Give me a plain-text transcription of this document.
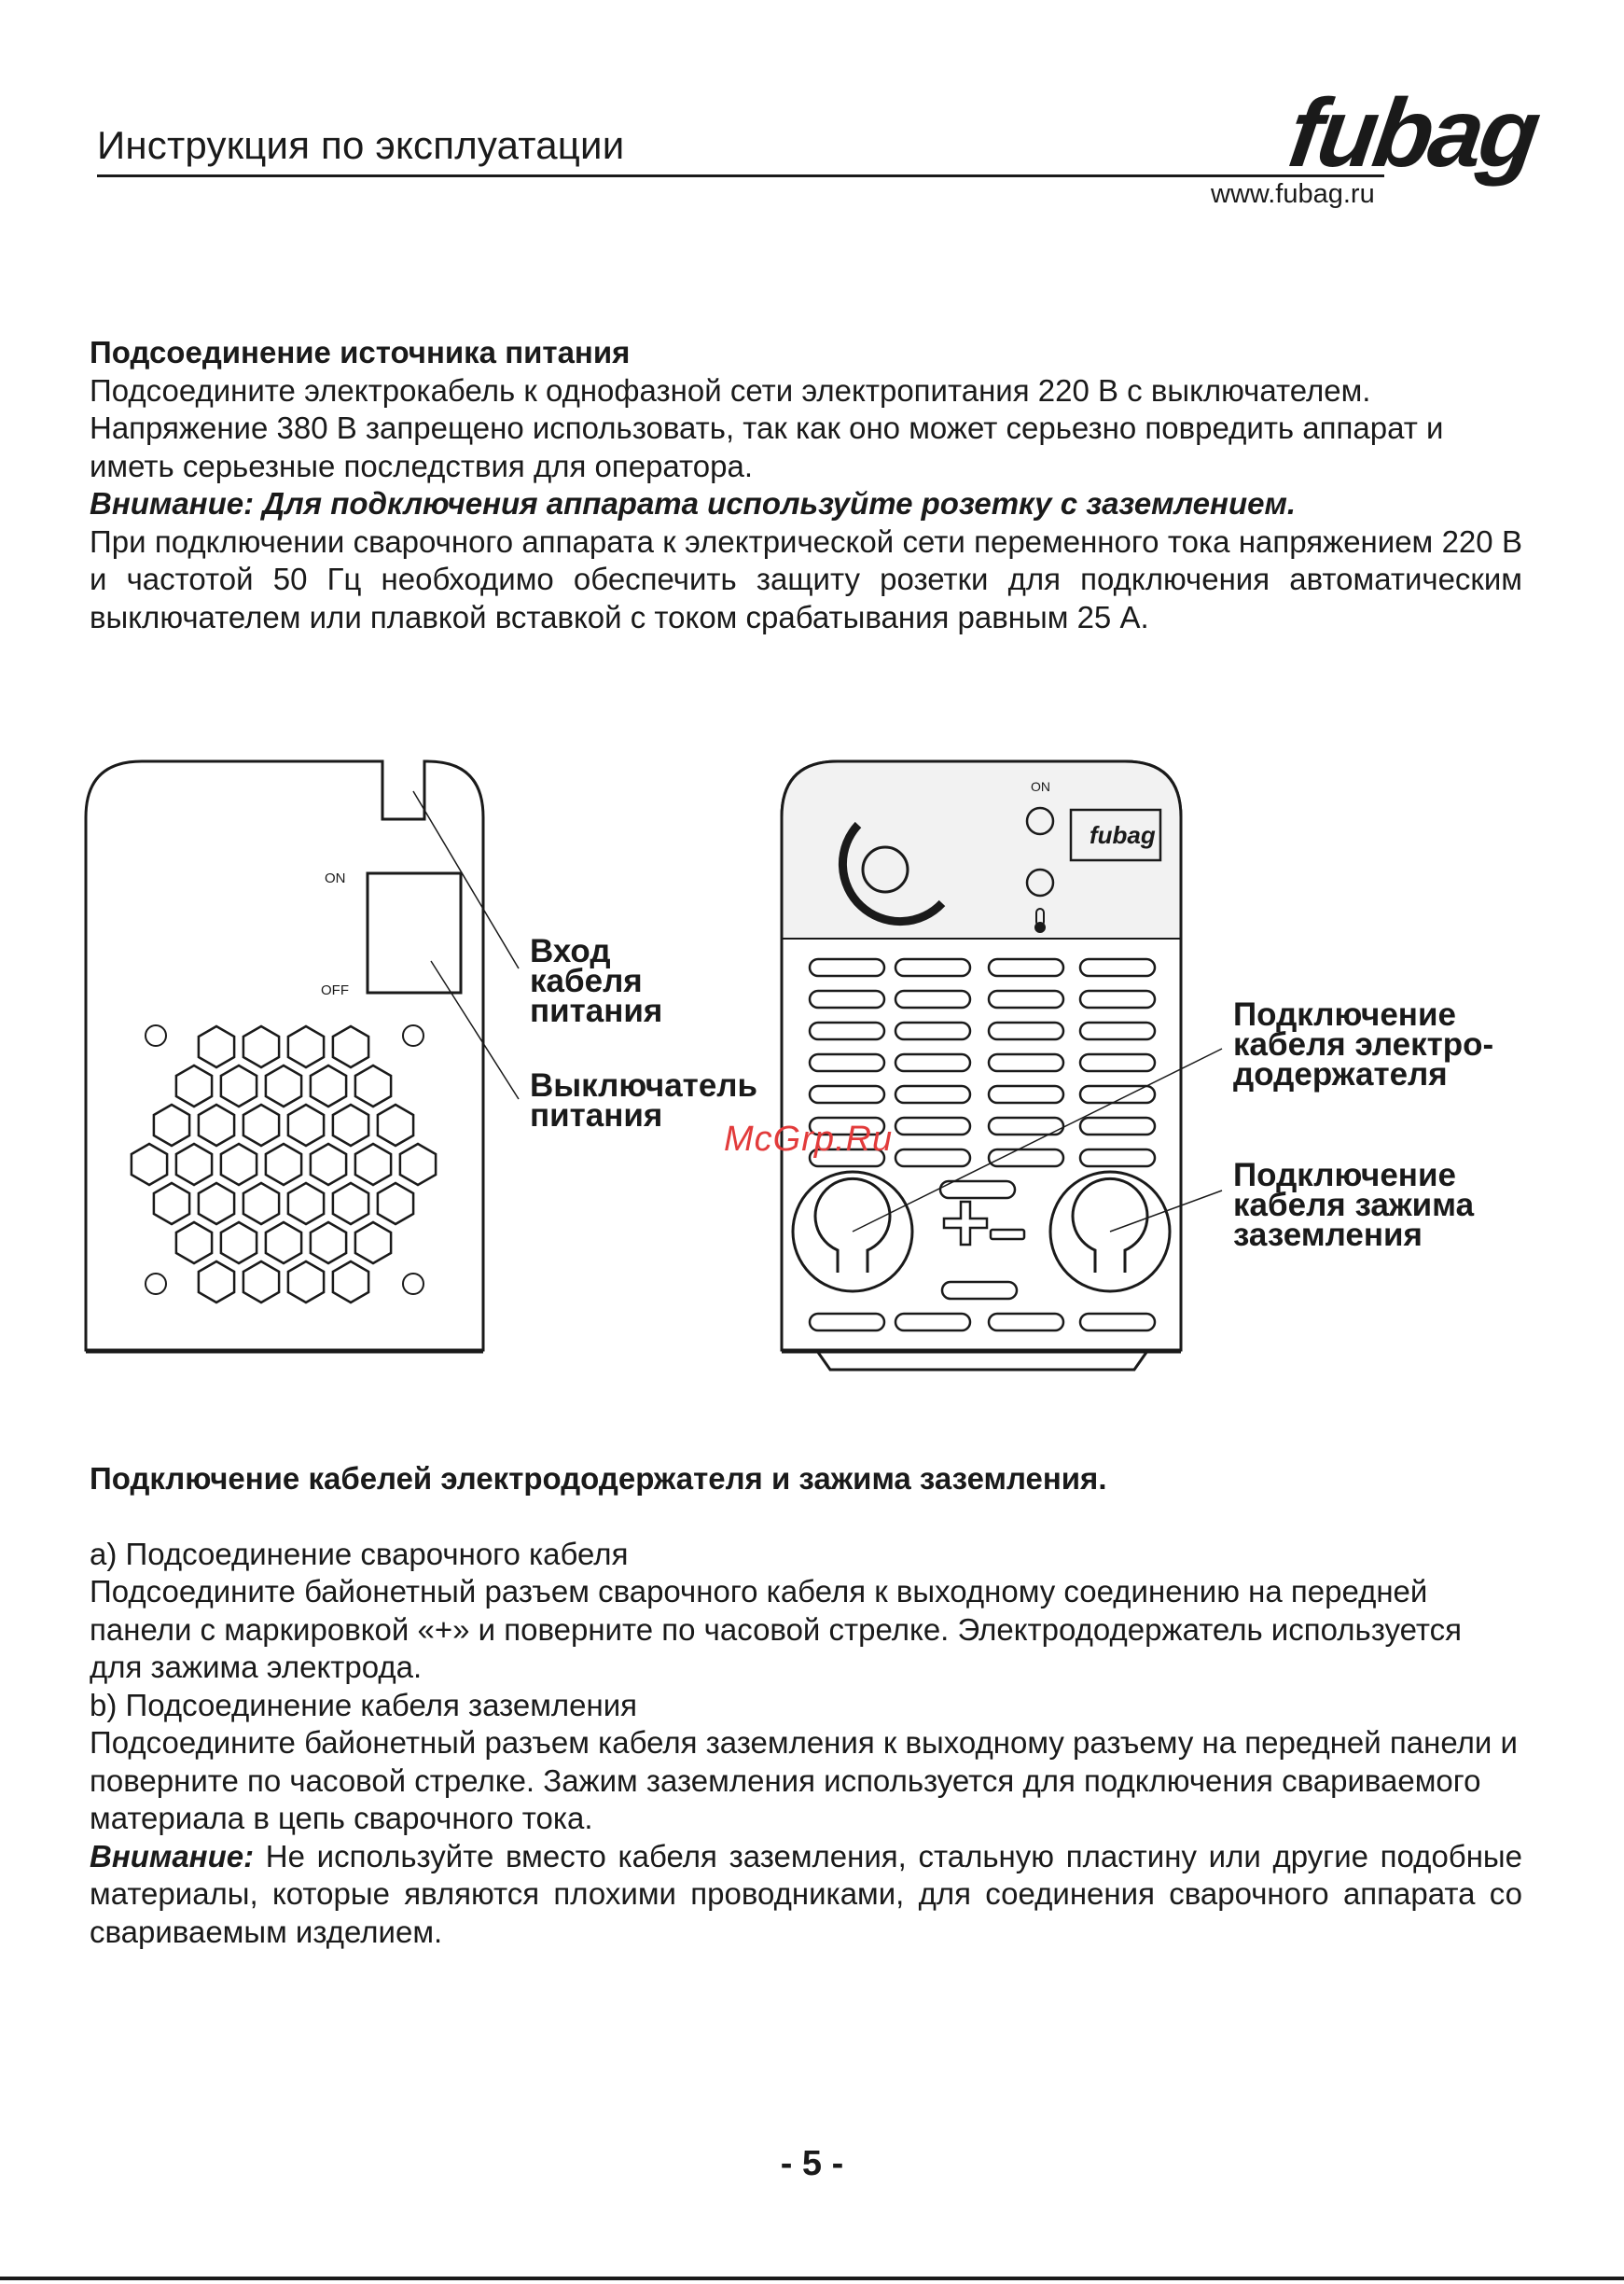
Инструкция по эксплуатации	fubag
www.fubag.ru

Подсоединение источника питания

Подсоедините электрокабель к однофазной сети электропитания 220 В с выключателем. Напряжение 380 В запрещено использовать, так как оно может серьезно повредить аппарат и иметь серьезные последствия для оператора.

Внимание: Для подключения аппарата используйте розетку с заземлением.

При подключении сварочного аппарата к электрической сети переменного тока напряжением 220 В и частотой 50 Гц необходимо обеспечить защиту розетки для подключения автоматическим выключателем или плавкой вставкой с током срабатывания равным 25 А.

ON
OFF
ON
fubag
+	−
Вход
кабеля
питания
Выключатель
питания
Подключение
кабеля электро-
додержателя
Подключение
кабеля зажима
заземления
McGrp.Ru

Подключение кабелей электрододержателя и зажима заземления.

a) Подсоединение сварочного кабеля

Подсоедините байонетный разъем сварочного кабеля к выходному соединению на передней панели с маркировкой «+» и поверните по часовой стрелке. Электрододержатель используется для зажима электрода.

b) Подсоединение кабеля заземления

Подсоедините байонетный разъем кабеля заземления к выходному разъему на передней панели и поверните по часовой стрелке. Зажим заземления используется для подключения свариваемого материала в цепь сварочного тока.

Внимание: Не используйте вместо кабеля заземления, стальную пластину или другие подобные материалы, которые являются плохими проводниками, для соединения сварочного аппарата со свариваемым изделием.

- 5 -
